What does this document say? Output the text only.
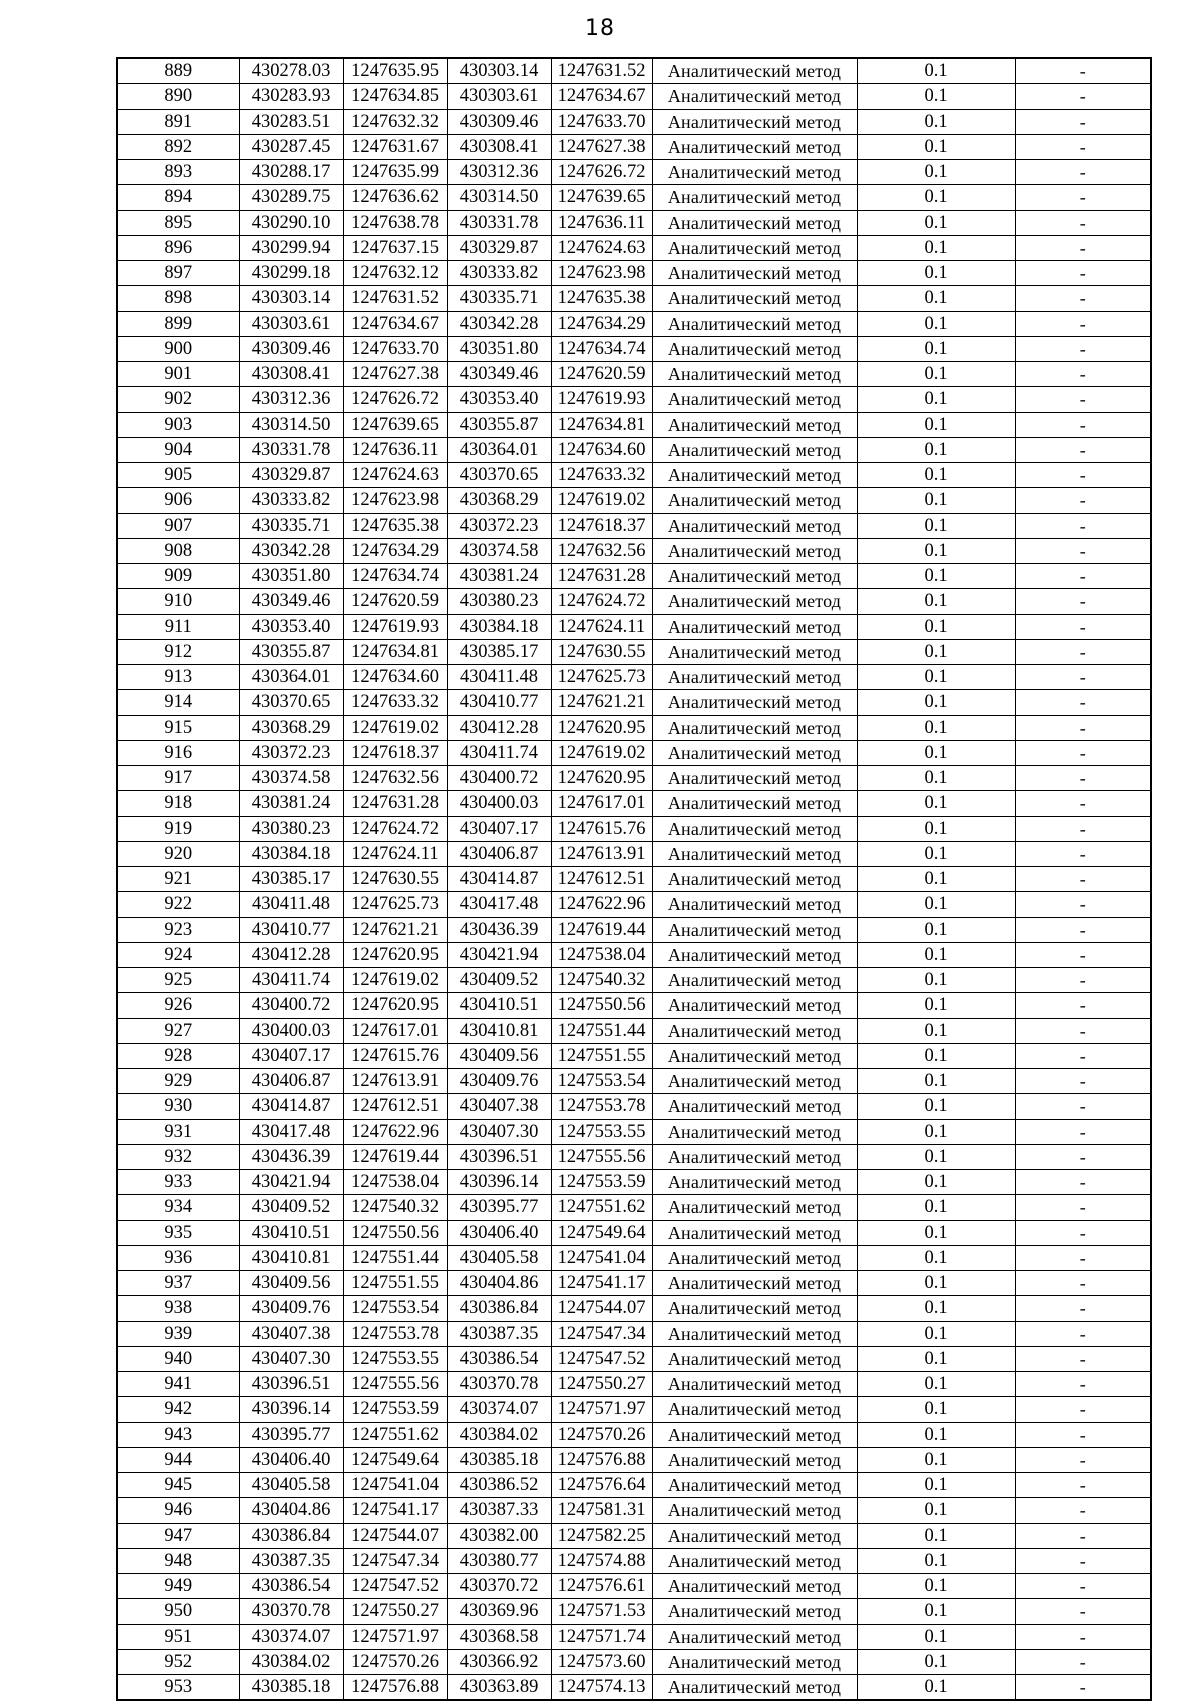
18
889	430278.03	1247635.95	430303.14	1247631.52	Аналитический метод	0.1	-
890	430283.93	1247634.85	430303.61	1247634.67	Аналитический метод	0.1	-
891	430283.51	1247632.32	430309.46	1247633.70	Аналитический метод	0.1	-
892	430287.45	1247631.67	430308.41	1247627.38	Аналитический метод	0.1	-
893	430288.17	1247635.99	430312.36	1247626.72	Аналитический метод	0.1	-
894	430289.75	1247636.62	430314.50	1247639.65	Аналитический метод	0.1	-
895	430290.10	1247638.78	430331.78	1247636.11	Аналитический метод	0.1	-
896	430299.94	1247637.15	430329.87	1247624.63	Аналитический метод	0.1	-
897	430299.18	1247632.12	430333.82	1247623.98	Аналитический метод	0.1	-
898	430303.14	1247631.52	430335.71	1247635.38	Аналитический метод	0.1	-
899	430303.61	1247634.67	430342.28	1247634.29	Аналитический метод	0.1	-
900	430309.46	1247633.70	430351.80	1247634.74	Аналитический метод	0.1	-
901	430308.41	1247627.38	430349.46	1247620.59	Аналитический метод	0.1	-
902	430312.36	1247626.72	430353.40	1247619.93	Аналитический метод	0.1	-
903	430314.50	1247639.65	430355.87	1247634.81	Аналитический метод	0.1	-
904	430331.78	1247636.11	430364.01	1247634.60	Аналитический метод	0.1	-
905	430329.87	1247624.63	430370.65	1247633.32	Аналитический метод	0.1	-
906	430333.82	1247623.98	430368.29	1247619.02	Аналитический метод	0.1	-
907	430335.71	1247635.38	430372.23	1247618.37	Аналитический метод	0.1	-
908	430342.28	1247634.29	430374.58	1247632.56	Аналитический метод	0.1	-
909	430351.80	1247634.74	430381.24	1247631.28	Аналитический метод	0.1	-
910	430349.46	1247620.59	430380.23	1247624.72	Аналитический метод	0.1	-
911	430353.40	1247619.93	430384.18	1247624.11	Аналитический метод	0.1	-
912	430355.87	1247634.81	430385.17	1247630.55	Аналитический метод	0.1	-
913	430364.01	1247634.60	430411.48	1247625.73	Аналитический метод	0.1	-
914	430370.65	1247633.32	430410.77	1247621.21	Аналитический метод	0.1	-
915	430368.29	1247619.02	430412.28	1247620.95	Аналитический метод	0.1	-
916	430372.23	1247618.37	430411.74	1247619.02	Аналитический метод	0.1	-
917	430374.58	1247632.56	430400.72	1247620.95	Аналитический метод	0.1	-
918	430381.24	1247631.28	430400.03	1247617.01	Аналитический метод	0.1	-
919	430380.23	1247624.72	430407.17	1247615.76	Аналитический метод	0.1	-
920	430384.18	1247624.11	430406.87	1247613.91	Аналитический метод	0.1	-
921	430385.17	1247630.55	430414.87	1247612.51	Аналитический метод	0.1	-
922	430411.48	1247625.73	430417.48	1247622.96	Аналитический метод	0.1	-
923	430410.77	1247621.21	430436.39	1247619.44	Аналитический метод	0.1	-
924	430412.28	1247620.95	430421.94	1247538.04	Аналитический метод	0.1	-
925	430411.74	1247619.02	430409.52	1247540.32	Аналитический метод	0.1	-
926	430400.72	1247620.95	430410.51	1247550.56	Аналитический метод	0.1	-
927	430400.03	1247617.01	430410.81	1247551.44	Аналитический метод	0.1	-
928	430407.17	1247615.76	430409.56	1247551.55	Аналитический метод	0.1	-
929	430406.87	1247613.91	430409.76	1247553.54	Аналитический метод	0.1	-
930	430414.87	1247612.51	430407.38	1247553.78	Аналитический метод	0.1	-
931	430417.48	1247622.96	430407.30	1247553.55	Аналитический метод	0.1	-
932	430436.39	1247619.44	430396.51	1247555.56	Аналитический метод	0.1	-
933	430421.94	1247538.04	430396.14	1247553.59	Аналитический метод	0.1	-
934	430409.52	1247540.32	430395.77	1247551.62	Аналитический метод	0.1	-
935	430410.51	1247550.56	430406.40	1247549.64	Аналитический метод	0.1	-
936	430410.81	1247551.44	430405.58	1247541.04	Аналитический метод	0.1	-
937	430409.56	1247551.55	430404.86	1247541.17	Аналитический метод	0.1	-
938	430409.76	1247553.54	430386.84	1247544.07	Аналитический метод	0.1	-
939	430407.38	1247553.78	430387.35	1247547.34	Аналитический метод	0.1	-
940	430407.30	1247553.55	430386.54	1247547.52	Аналитический метод	0.1	-
941	430396.51	1247555.56	430370.78	1247550.27	Аналитический метод	0.1	-
942	430396.14	1247553.59	430374.07	1247571.97	Аналитический метод	0.1	-
943	430395.77	1247551.62	430384.02	1247570.26	Аналитический метод	0.1	-
944	430406.40	1247549.64	430385.18	1247576.88	Аналитический метод	0.1	-
945	430405.58	1247541.04	430386.52	1247576.64	Аналитический метод	0.1	-
946	430404.86	1247541.17	430387.33	1247581.31	Аналитический метод	0.1	-
947	430386.84	1247544.07	430382.00	1247582.25	Аналитический метод	0.1	-
948	430387.35	1247547.34	430380.77	1247574.88	Аналитический метод	0.1	-
949	430386.54	1247547.52	430370.72	1247576.61	Аналитический метод	0.1	-
950	430370.78	1247550.27	430369.96	1247571.53	Аналитический метод	0.1	-
951	430374.07	1247571.97	430368.58	1247571.74	Аналитический метод	0.1	-
952	430384.02	1247570.26	430366.92	1247573.60	Аналитический метод	0.1	-
953	430385.18	1247576.88	430363.89	1247574.13	Аналитический метод	0.1	-
